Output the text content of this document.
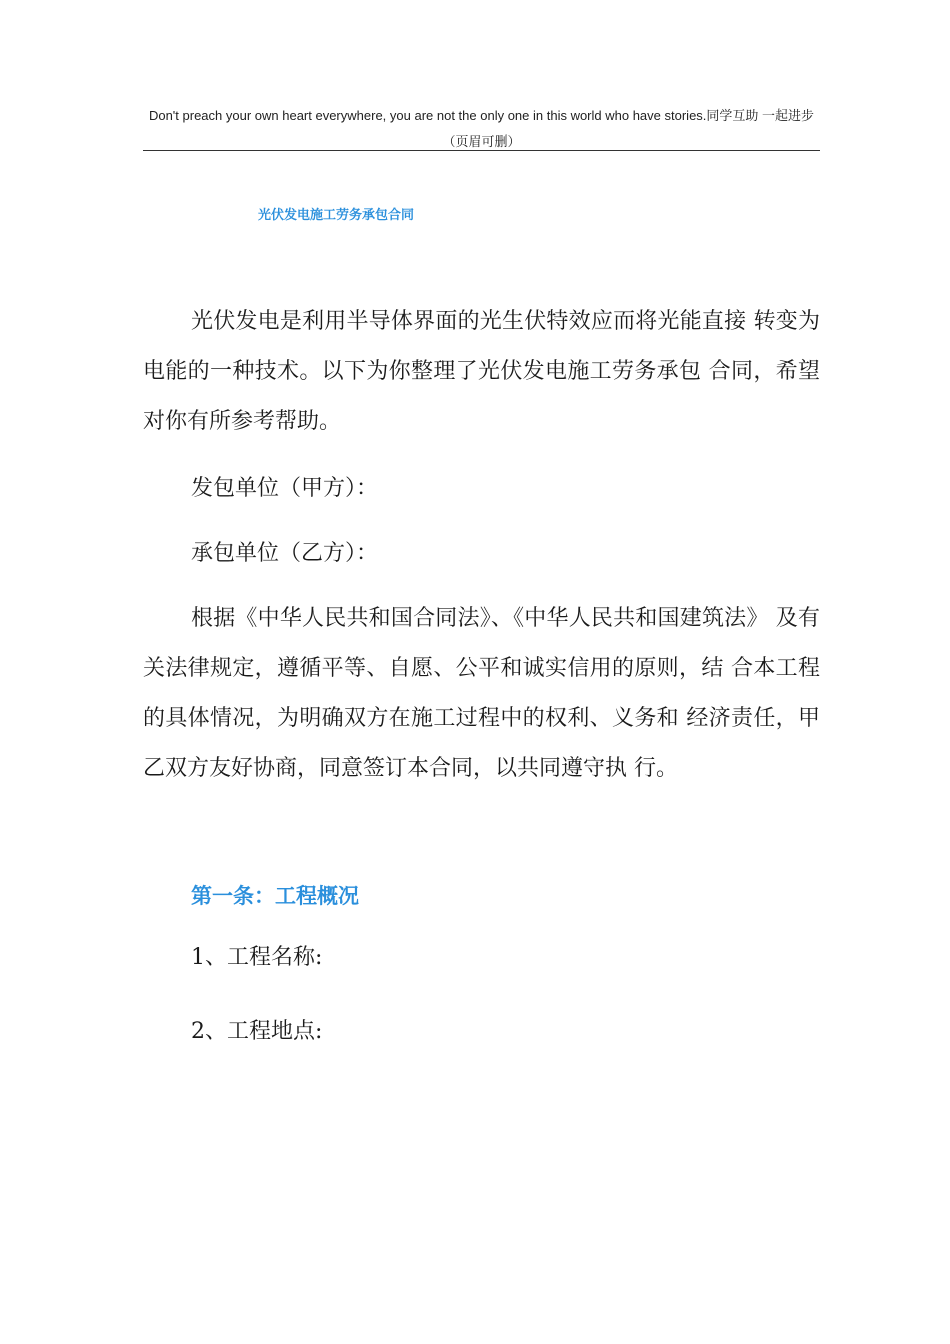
Don't preach your own heart everywhere, you are not the only one in this world who have stories.同学互助 一起进步（页眉可删）
光伏发电施工劳务承包合同

光伏发电是利用半导体界面的光生伏特效应而将光能直接 转变为电能的一种技术。以下为你整理了光伏发电施工劳务承包 合同，希望对你有所参考帮助。

发包单位（甲方）：

承包单位（乙方）：

根据《中华人民共和国合同法》、《中华人民共和国建筑法》 及有关法律规定，遵循平等、自愿、公平和诚实信用的原则，结 合本工程的具体情况，为明确双方在施工过程中的权利、义务和 经济责任，甲乙双方友好协商，同意签订本合同，以共同遵守执 行。

第一条：工程概况
1、工程名称:
2、工程地点:
